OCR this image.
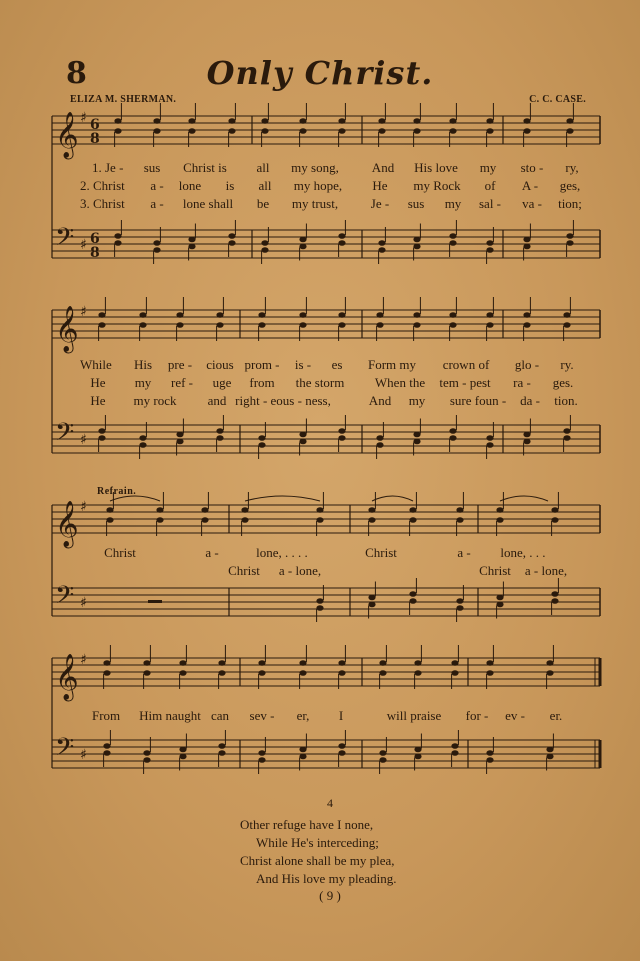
8	Only Christ.
ELIZA M. SHERMAN.	C. C. CASE.
𝄞 ♯ 6
8
𝄢 ♯ 6
8
𝄞 ♯
𝄢 ♯
𝄞 ♯
𝄢 ♯
𝄞 ♯
𝄢 ♯
1. Je - sus Christ is all my song,	And His love my sto - ry,
2. Christ a - lone is all my hope, He my Rock of A - ges,
3. Christ a - lone shall be my trust,	Je - sus my sal - va - tion;
While His pre - cious prom - is - es Form my crown of glo - ry.
He my ref - uge from the storm When the tem - pest ra - ges.
He my rock and right - eous - ness,	And my sure foun - da - tion.
Refrain.
Christ	a -	lone, . . . .	Christ	a - lone, . . .
Christ a - lone,	Christ a - lone,
From Him naught can sev - er, I	will praise for - ev - er.
4
Other refuge have I none,
While He's interceding;
Christ alone shall be my plea,
And His love my pleading.
( 9 )
